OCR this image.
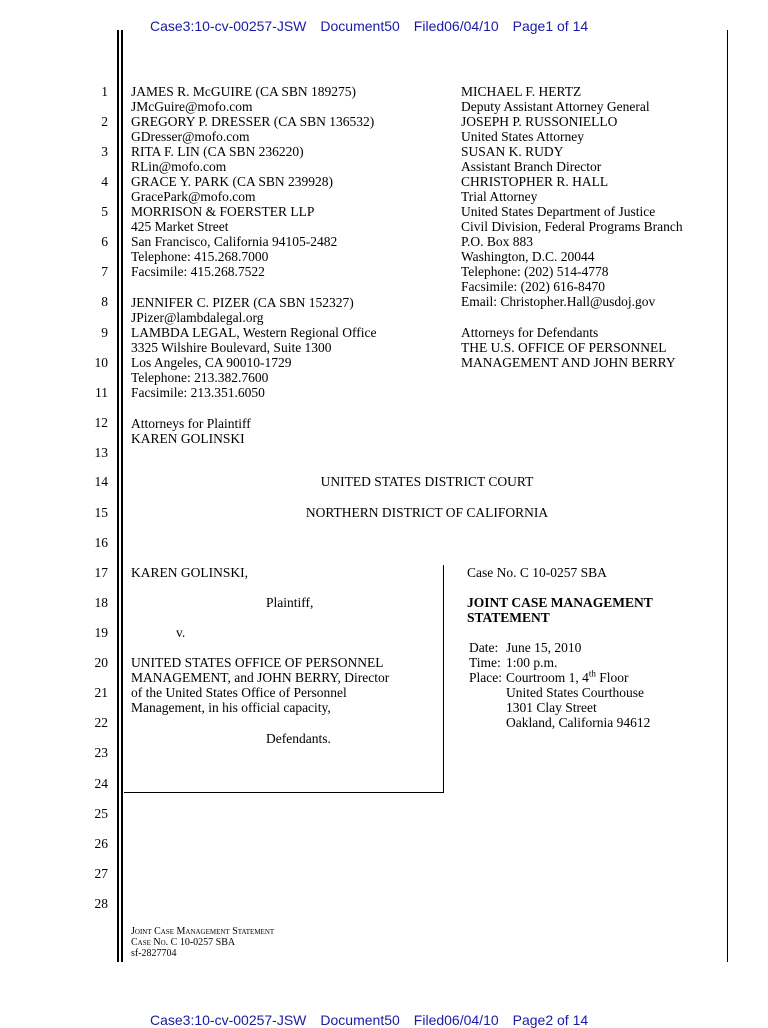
Case3:10-cv-00257-JSW Document50 Filed06/04/10 Page1 of 14
1
2
3
4
5
6
7
8
9
10
11
12
13
14
15
16
17
18
19
20
21
22
23
24
25
26
27
28
JAMES R. McGUIRE (CA SBN 189275)
JMcGuire@mofo.com
GREGORY P. DRESSER (CA SBN 136532)
GDresser@mofo.com
RITA F. LIN (CA SBN 236220)
RLin@mofo.com
GRACE Y. PARK (CA SBN 239928)
GracePark@mofo.com
MORRISON & FOERSTER LLP
425 Market Street
San Francisco, California 94105-2482
Telephone: 415.268.7000
Facsimile: 415.268.7522
JENNIFER C. PIZER (CA SBN 152327)
JPizer@lambdalegal.org
LAMBDA LEGAL, Western Regional Office
3325 Wilshire Boulevard, Suite 1300
Los Angeles, CA 90010-1729
Telephone: 213.382.7600
Facsimile: 213.351.6050
Attorneys for Plaintiff
KAREN GOLINSKI
MICHAEL F. HERTZ
Deputy Assistant Attorney General
JOSEPH P. RUSSONIELLO
United States Attorney
SUSAN K. RUDY
Assistant Branch Director
CHRISTOPHER R. HALL
Trial Attorney
United States Department of Justice
Civil Division, Federal Programs Branch
P.O. Box 883
Washington, D.C. 20044
Telephone: (202) 514-4778
Facsimile: (202) 616-8470
Email: Christopher.Hall@usdoj.gov
Attorneys for Defendants
THE U.S. OFFICE OF PERSONNEL
MANAGEMENT AND JOHN BERRY
UNITED STATES DISTRICT COURT
NORTHERN DISTRICT OF CALIFORNIA
KAREN GOLINSKI,
Plaintiff,
v.
UNITED STATES OFFICE OF PERSONNEL
MANAGEMENT, and JOHN BERRY, Director
of the United States Office of Personnel
Management, in his official capacity,
Defendants.
Case No. C 10-0257 SBA
JOINT CASE MANAGEMENT
STATEMENT
Date:	June 15, 2010
Time:	1:00 p.m.
Place:	Courtroom 1, 4th Floor
United States Courthouse
1301 Clay Street
Oakland, California 94612
Joint Case Management Statement
Case No. C 10-0257 SBA
sf-2827704
Case3:10-cv-00257-JSW Document50 Filed06/04/10 Page2 of 14
